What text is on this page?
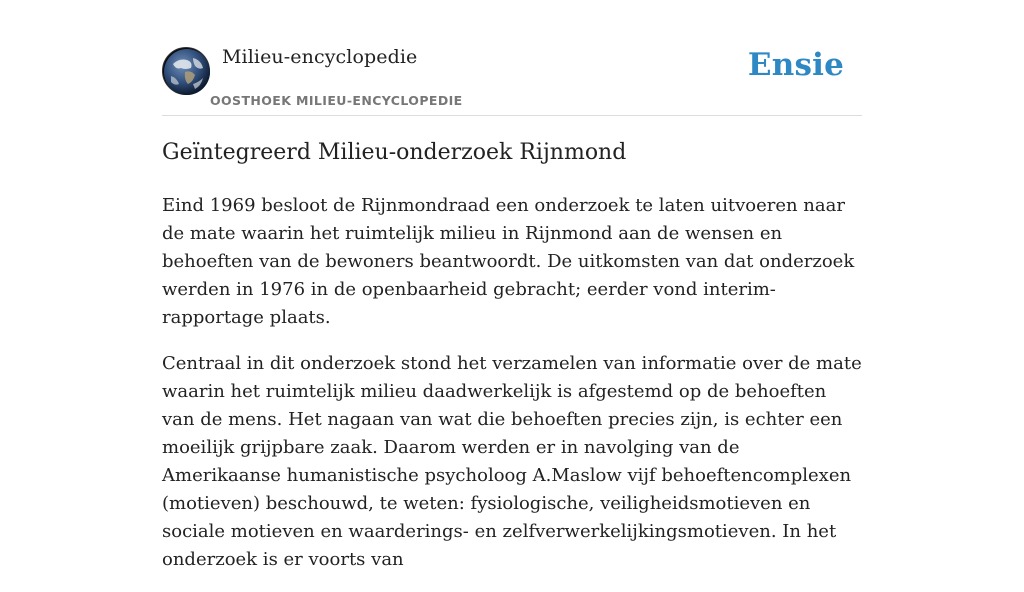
Milieu-encyclopedie
OOSTHOEK MILIEU-ENCYCLOPEDIE
Ensie
Geïntegreerd Milieu-onderzoek Rijnmond

Eind 1969 besloot de Rijnmondraad een onderzoek te laten uitvoeren naar de mate waarin het ruimtelijk milieu in Rijnmond aan de wensen en behoeften van de bewoners beantwoordt. De uitkomsten van dat onderzoek werden in 1976 in de openbaarheid gebracht; eerder vond interim-rapportage plaats.

Centraal in dit onderzoek stond het verzamelen van informatie over de mate waarin het ruimtelijk milieu daadwerkelijk is afgestemd op de behoeften van de mens. Het nagaan van wat die behoeften precies zijn, is echter een moeilijk grijpbare zaak. Daarom werden er in navolging van de Amerikaanse humanistische psycholoog A.Maslow vijf behoeftencomplexen (motieven) beschouwd, te weten: fysiologische, veiligheidsmotieven en sociale motieven en waarderings- en zelfverwerkelijkingsmotieven. In het onderzoek is er voorts van
